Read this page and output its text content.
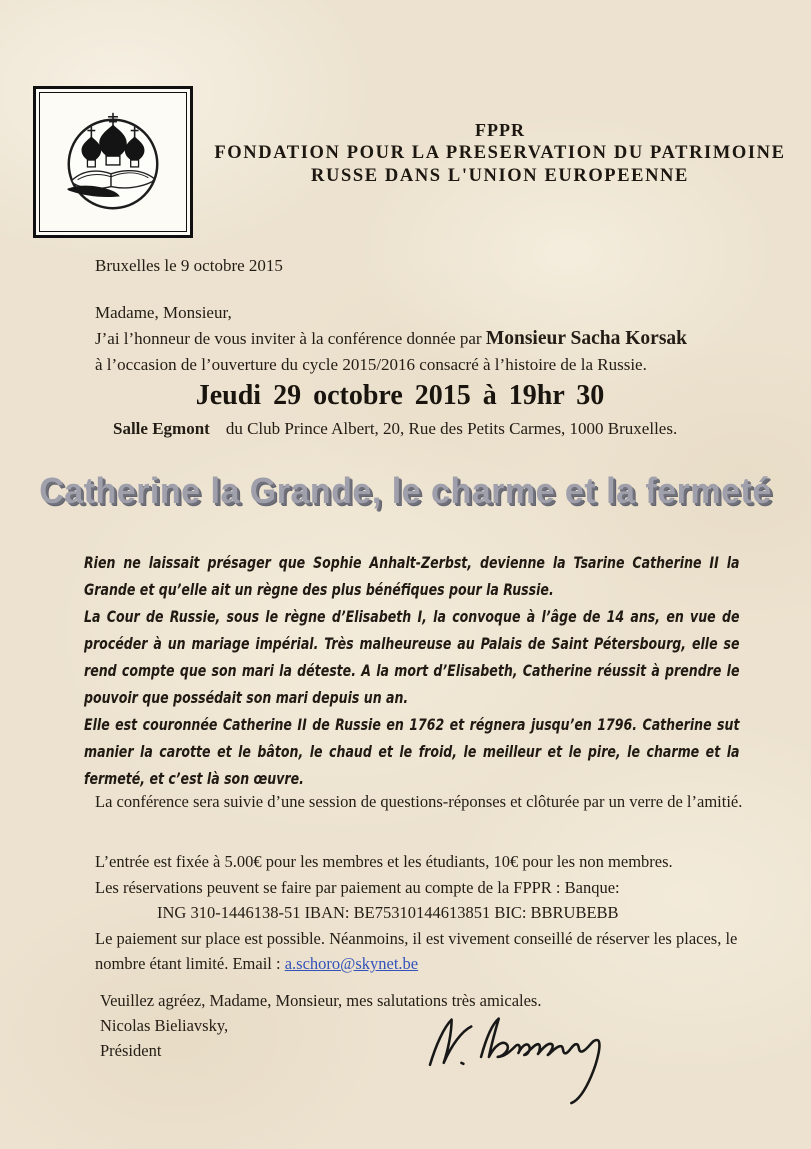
FPPR
FONDATION POUR LA PRESERVATION DU PATRIMOINE
RUSSE DANS L'UNION EUROPEENNE
Bruxelles le 9 octobre 2015

Madame, Monsieur,

J’ai l’honneur de vous inviter à la conférence donnée par Monsieur Sacha Korsak

à l’occasion de l’ouverture du cycle 2015/2016 consacré à l’histoire de la Russie.

Jeudi 29 octobre 2015 à 19hr 30
Salle Egmont du Club Prince Albert, 20, Rue des Petits Carmes, 1000 Bruxelles.
Catherine la Grande, le charme et la fermeté

Rien ne laissait présager que Sophie Anhalt-Zerbst, devienne la Tsarine Catherine II la Grande et qu’elle ait un règne des plus bénéfiques pour la Russie.

La Cour de Russie, sous le règne d’Elisabeth I, la convoque à l’âge de 14 ans, en vue de procéder à un mariage impérial. Très malheureuse au Palais de Saint Pétersbourg, elle se rend compte que son mari la déteste. A la mort d’Elisabeth, Catherine réussit à prendre le pouvoir que possédait son mari depuis un an.

Elle est couronnée Catherine II de Russie en 1762 et régnera jusqu’en 1796. Catherine sut manier la carotte et le bâton, le chaud et le froid, le meilleur et le pire, le charme et la fermeté, et c’est là son œuvre.

La conférence sera suivie d’une session de questions-réponses et clôturée par un verre de l’amitié.

L’entrée est fixée à 5.00€ pour les membres et les étudiants, 10€ pour les non membres.

Les réservations peuvent se faire par paiement au compte de la FPPR : Banque:

ING 310-1446138-51 IBAN: BE75310144613851 BIC: BBRUBEBB

Le paiement sur place est possible. Néanmoins, il est vivement conseillé de réserver les places, le nombre étant limité. Email : a.schoro@skynet.be

Veuillez agréez, Madame, Monsieur, mes salutations très amicales.

Nicolas Bieliavsky,

Président
